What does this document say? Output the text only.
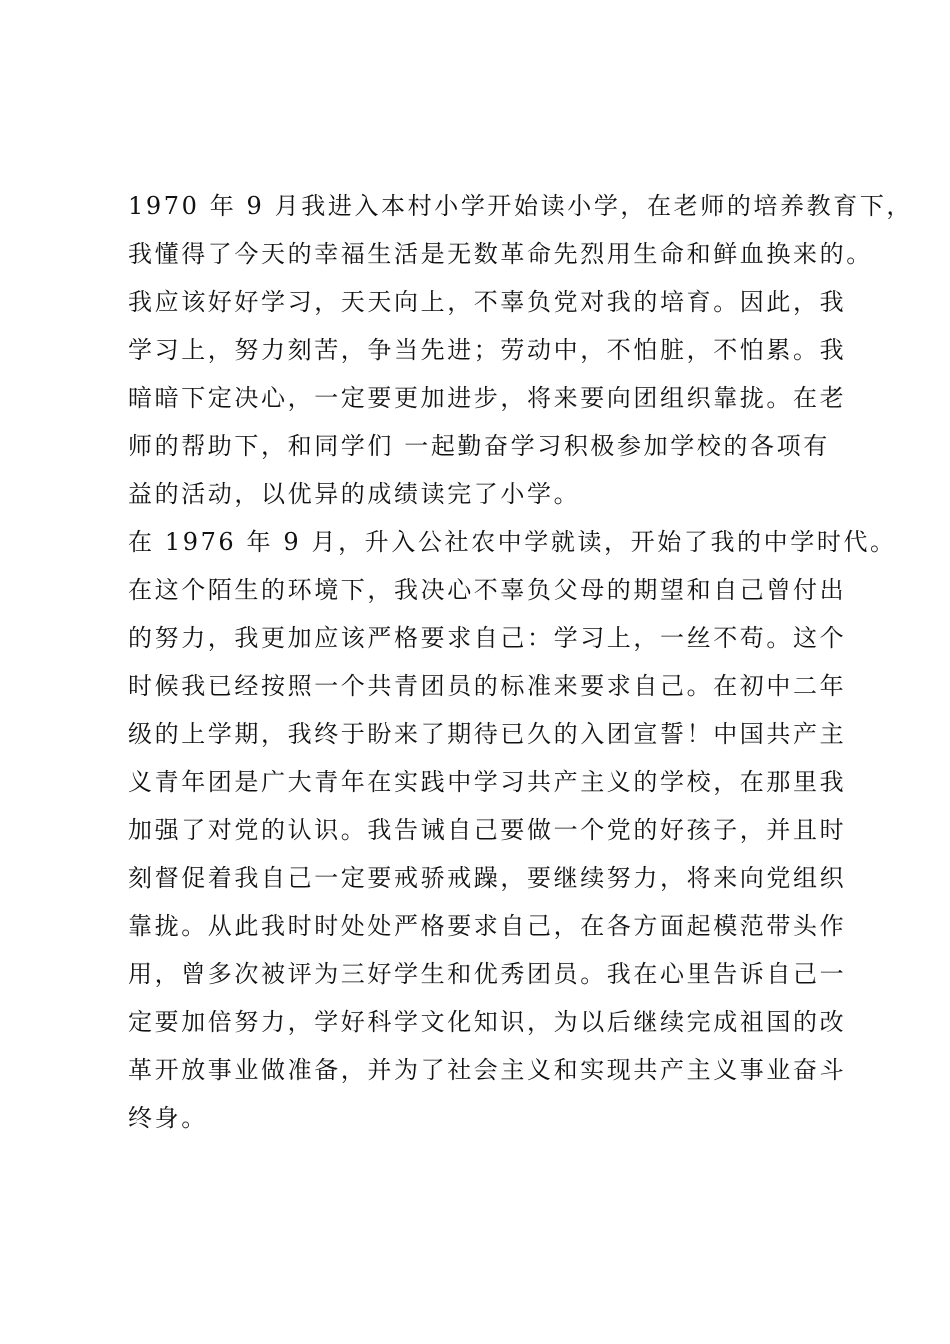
1970 年 9 月我进入本村小学开始读小学，在老师的培养教育下，
我懂得了今天的幸福生活是无数革命先烈用生命和鲜血换来的。
我应该好好学习，天天向上，不辜负党对我的培育。因此，我
学习上，努力刻苦，争当先进；劳动中，不怕脏，不怕累。我
暗暗下定决心，一定要更加进步，将来要向团组织靠拢。在老
师的帮助下，和同学们 一起勤奋学习积极参加学校的各项有
益的活动，以优异的成绩读完了小学。
在 1976 年 9 月，升入公社农中学就读，开始了我的中学时代。
在这个陌生的环境下，我决心不辜负父母的期望和自己曾付出
的努力，我更加应该严格要求自己：学习上，一丝不苟。这个
时候我已经按照一个共青团员的标准来要求自己。在初中二年
级的上学期，我终于盼来了期待已久的入团宣誓！中国共产主
义青年团是广大青年在实践中学习共产主义的学校，在那里我
加强了对党的认识。我告诫自己要做一个党的好孩子，并且时
刻督促着我自己一定要戒骄戒躁，要继续努力，将来向党组织
靠拢。从此我时时处处严格要求自己，在各方面起模范带头作
用，曾多次被评为三好学生和优秀团员。我在心里告诉自己一
定要加倍努力，学好科学文化知识，为以后继续完成祖国的改
革开放事业做准备，并为了社会主义和实现共产主义事业奋斗
终身。
